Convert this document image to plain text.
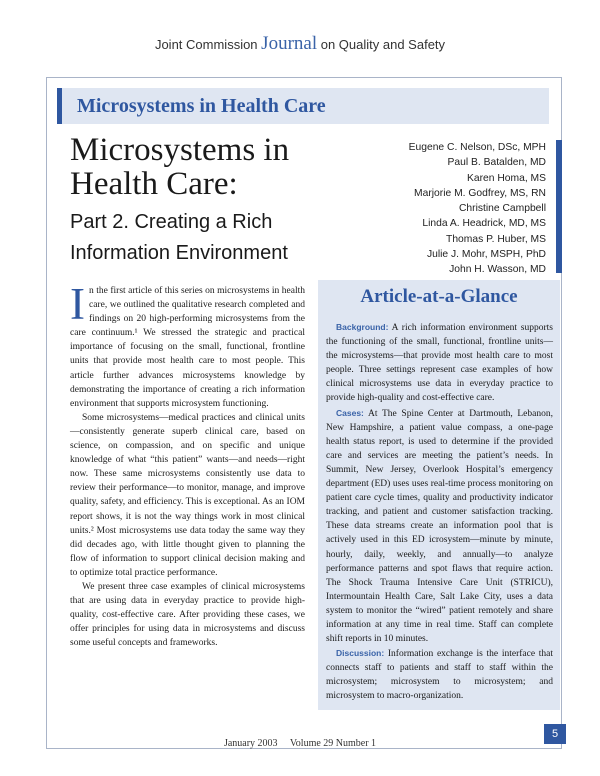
Joint Commission Journal on Quality and Safety
Microsystems in Health Care
Microsystems in
Health Care:
Part 2. Creating a Rich Information Environment
Eugene C. Nelson, DSc, MPH
Paul B. Batalden, MD
Karen Homa, MS
Marjorie M. Godfrey, MS, RN
Christine Campbell
Linda A. Headrick, MD, MS
Thomas P. Huber, MS
Julie J. Mohr, MSPH, PhD
John H. Wasson, MD

In the first article of this series on microsystems in health care, we outlined the qualitative research completed and findings on 20 high-performing microsystems from the care continuum.¹ We stressed the strategic and practical importance of focusing on the small, functional, frontline units that provide most health care to most people. This article further advances microsystems knowledge by demonstrating the importance of creating a rich information environment that supports microsystem functioning.

Some microsystems—medical practices and clinical units—consistently generate superb clinical care, based on science, on compassion, and on specific and unique knowledge of what “this patient” wants—and needs—right now. These same microsystems consistently use data to review their performance—to monitor, manage, and improve quality, safety, and efficiency. This is exceptional. As an IOM report shows, it is not the way things work in most clinical units.² Most microsystems use data today the same way they did decades ago, with little thought given to planning the flow of information to support clinical decision making and to optimize total practice performance.

We present three case examples of clinical microsystems that are using data in everyday practice to provide high-quality, cost-effective care. After providing these cases, we offer principles for using data in microsystems and discuss some useful concepts and frameworks.

Article-at-a-Glance

Background: A rich information environment supports the functioning of the small, functional, frontline units—the microsystems—that provide most health care to most people. Three settings represent case examples of how clinical microsystems use data in everyday practice to provide high-quality and cost-effective care.

Cases: At The Spine Center at Dartmouth, Lebanon, New Hampshire, a patient value compass, a one-page health status report, is used to determine if the provided care and services are meeting the patient’s needs. In Summit, New Jersey, Overlook Hospital’s emergency department (ED) uses uses real-time process monitoring on patient care cycle times, quality and productivity indicator tracking, and patient and customer satisfaction tracking. These data streams create an information pool that is actively used in this ED icrosystem—minute by minute, hourly, daily, weekly, and annually—to analyze performance patterns and spot flaws that require action. The Shock Trauma Intensive Care Unit (STRICU), Intermountain Health Care, Salt Lake City, uses a data system to monitor the “wired” patient remotely and share information at any time in real time. Staff can complete shift reports in 10 minutes.

Discussion: Information exchange is the interface that connects staff to patients and staff to staff within the microsystem; microsystem to microsystem; and microsystem to macro-organization.

January 2003     Volume 29 Number 1
5
